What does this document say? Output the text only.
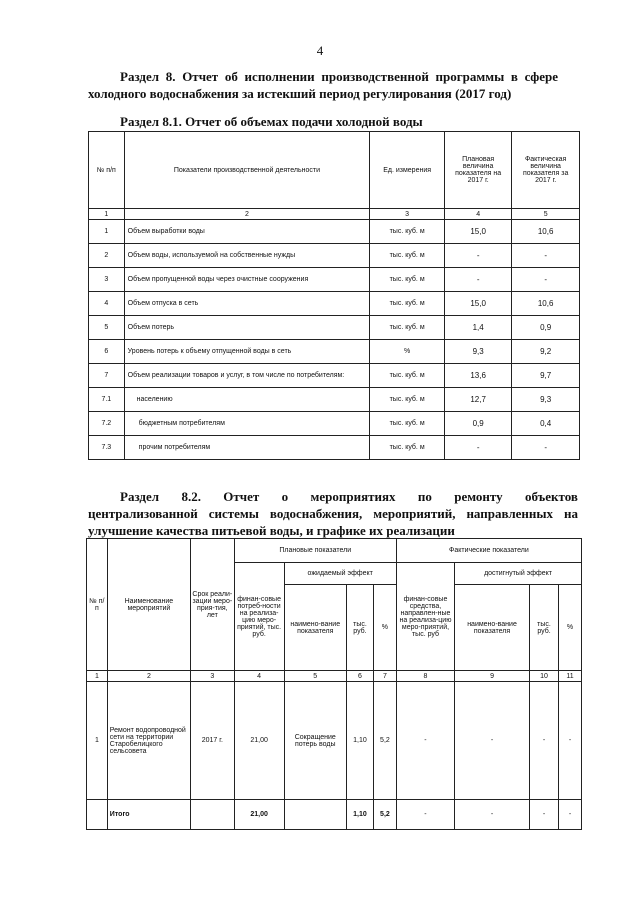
4
Раздел 8. Отчет об исполнении производственной программы в сфере холодного водоснабжения за истекший период регулирования (2017 год)
Раздел 8.1. Отчет об объемах подачи холодной воды
№ п/п	Показатели производственной деятельности	Ед. измерения	Плановая величина показателя на 2017 г.	Фактическая величина показателя за 2017 г.
1	2	3	4	5
1	Объем выработки воды	тыс. куб. м	15,0	10,6
2	Объем воды, используемой на собственные нужды	тыс. куб. м	-	-
3	Объем пропущенной воды через очистные сооружения	тыс. куб. м	-	-
4	Объем отпуска в сеть	тыс. куб. м	15,0	10,6
5	Объем потерь	тыс. куб. м	1,4	0,9
6	Уровень потерь к объему отпущенной воды в сеть	%	9,3	9,2
7	Объем реализации товаров и услуг, в том числе по потребителям:	тыс. куб. м	13,6	9,7
7.1	населению	тыс. куб. м	12,7	9,3
7.2	бюджетным потребителям	тыс. куб. м	0,9	0,4
7.3	прочим потребителям	тыс. куб. м	-	-
Раздел 8.2. Отчет о мероприятиях по ремонту объектов
централизованной системы водоснабжения, мероприятий, направленных на улучшение качества питьевой воды, и графике их реализации
№ п/п	Наименование мероприятий	Срок реали-зации меро-прия-тия, лет	Плановые показатели				Фактические показатели			
			финан-совые потреб-ности на реализа-цию меро-приятий, тыс. руб.	ожидаемый эффект			финан-совые средства, направлен-ные на реализа-цию меро-приятий, тыс. руб	достигнутый эффект		
				наимено-вание показателя	тыс. руб.	%		наимено-вание показателя	тыс. руб.	%
1	2	3	4	5	6	7	8	9	10	11
1	Ремонт водопроводной сети на территории Старобелицкого сельсовета	2017 г.	21,00	Сокращение потерь воды	1,10	5,2	-	-	-	-
	Итого		21,00		1,10	5,2	-	-	-	-
